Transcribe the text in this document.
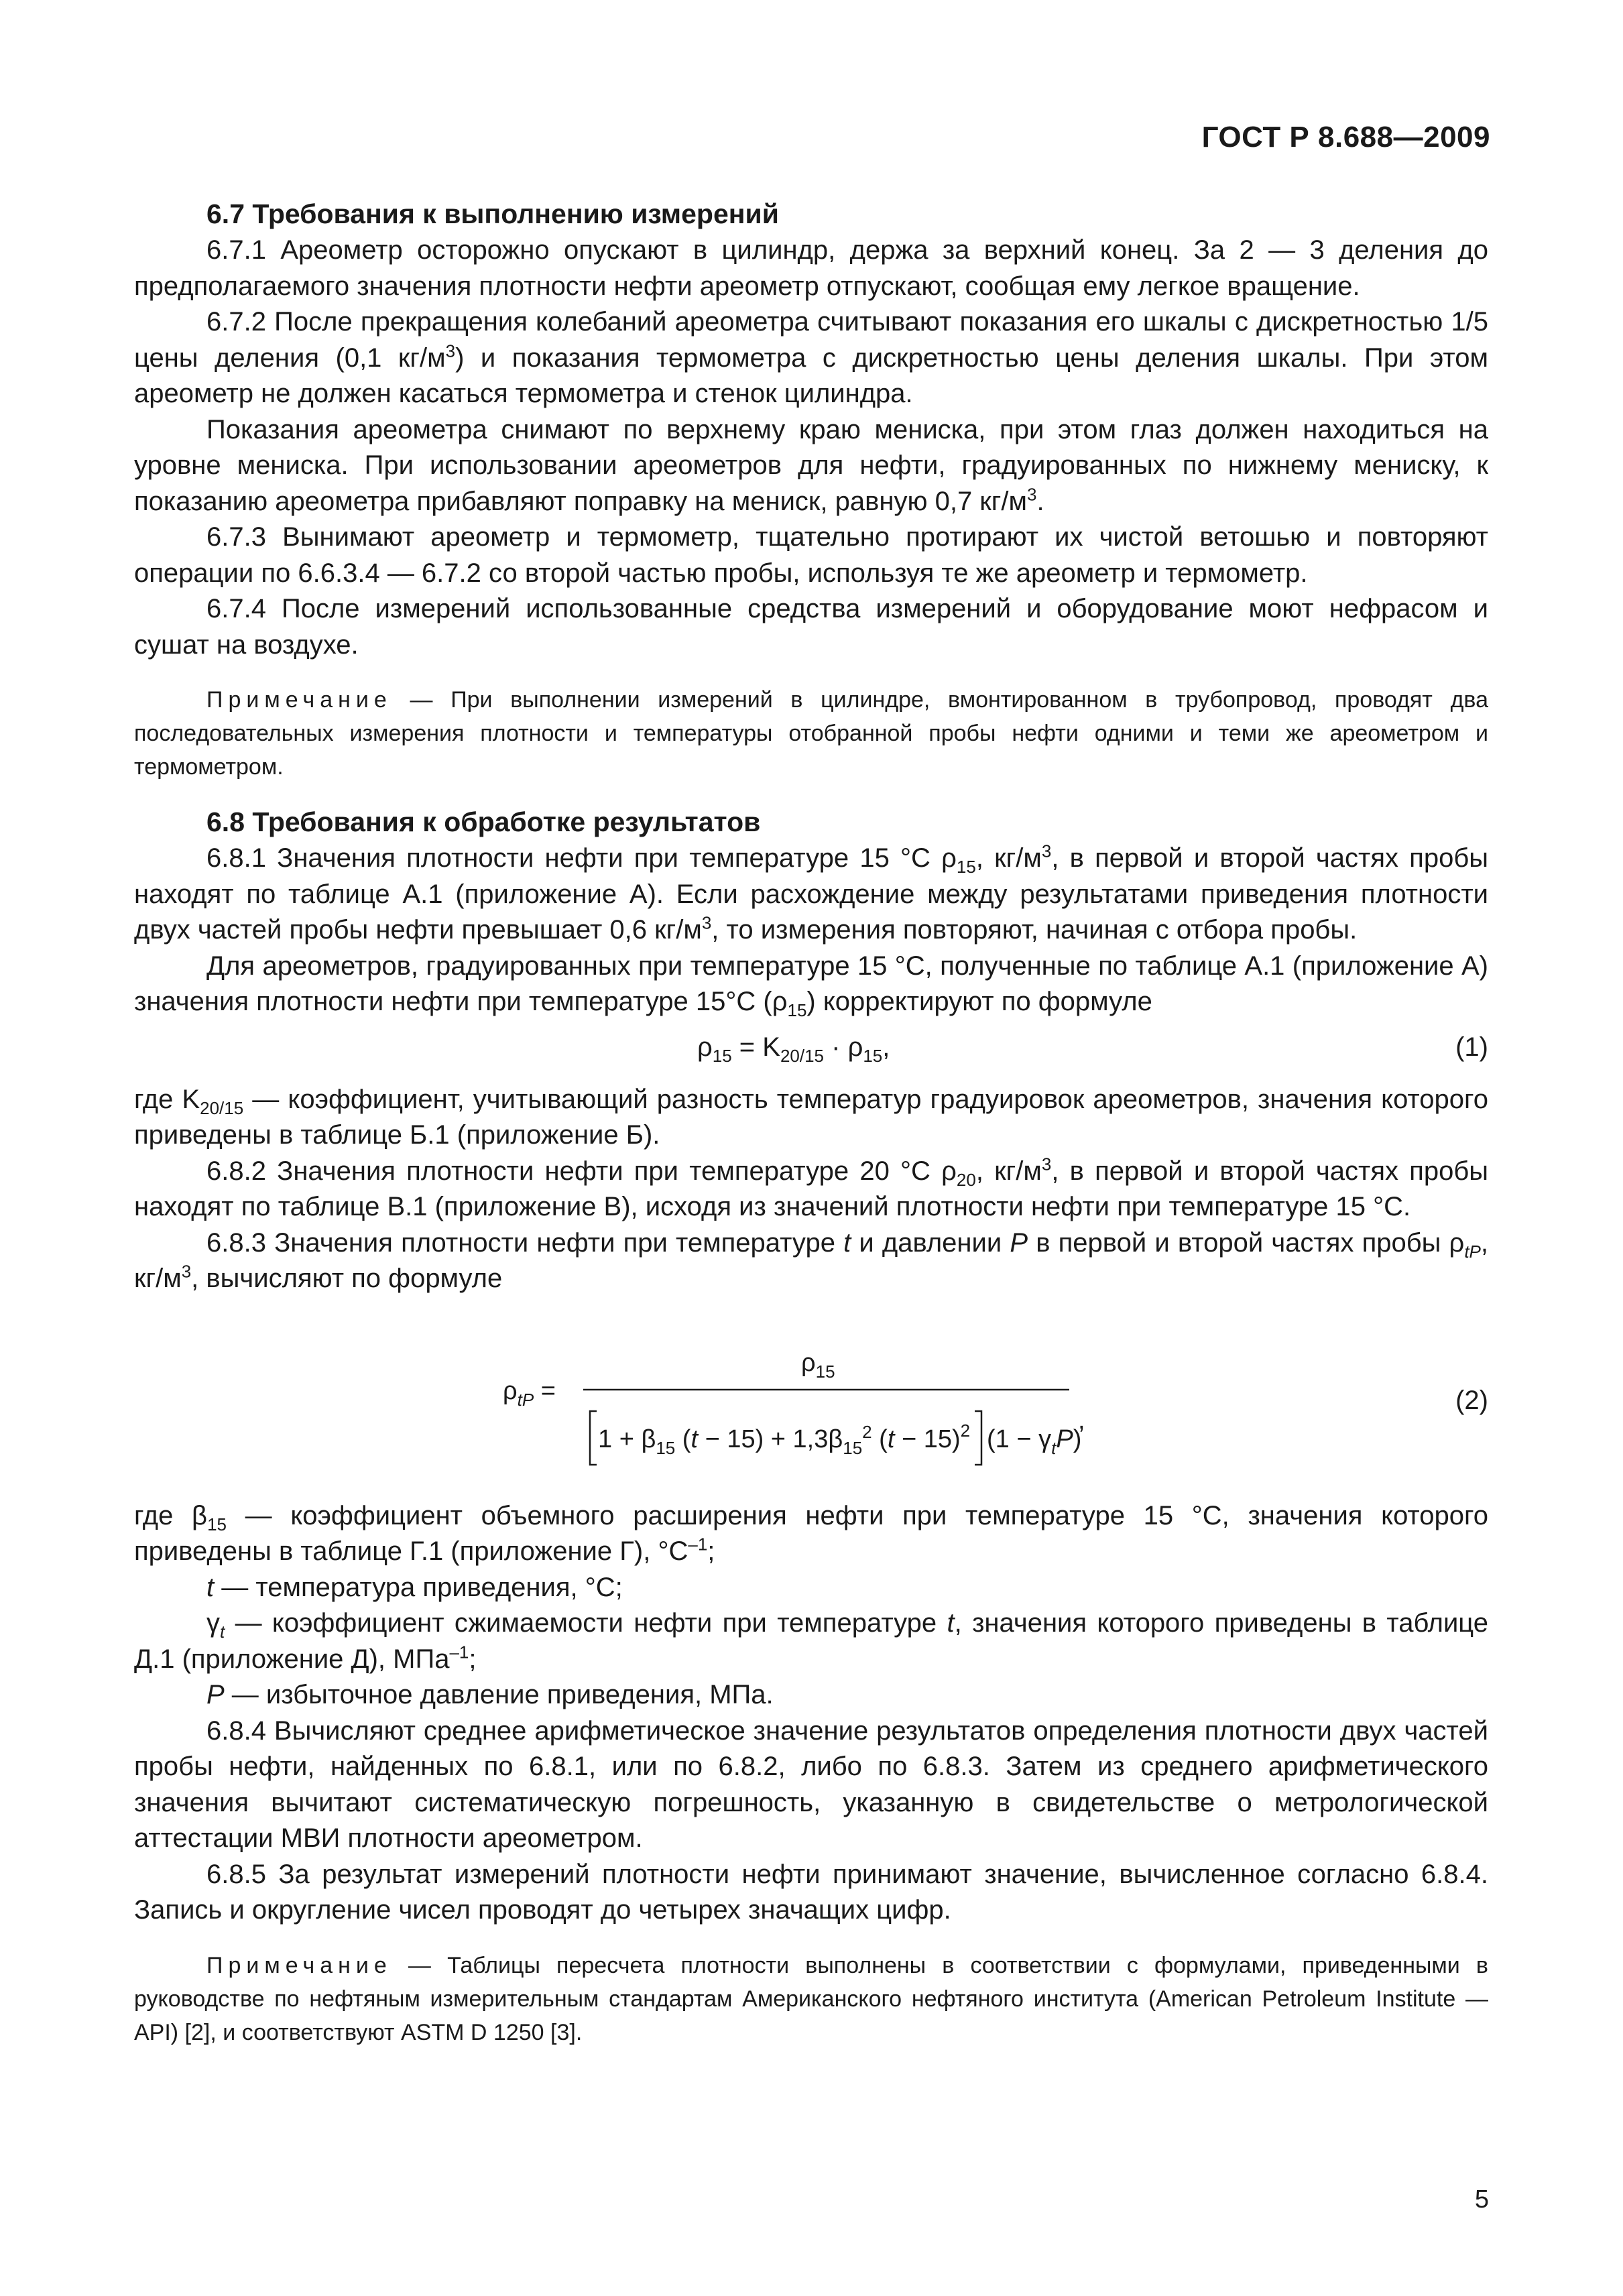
ГОСТ Р 8.688—2009
6.7 Требования к выполнению измерений

6.7.1 Ареометр осторожно опускают в цилиндр, держа за верхний конец. За 2 — 3 деления до предполагаемого значения плотности нефти ареометр отпускают, сообщая ему легкое вращение.

6.7.2 После прекращения колебаний ареометра считывают показания его шкалы с дискретностью 1/5 цены деления (0,1 $кг/м^3$) и показания термометра с дискретностью цены деления шкалы. При этом ареометр не должен касаться термометра и стенок цилиндра.

Показания ареометра снимают по верхнему краю мениска, при этом глаз должен находиться на уровне мениска. При использовании ареометров для нефти, градуированных по нижнему мениску, к показанию ареометра прибавляют поправку на мениск, равную 0,7 $кг/м^3$.

6.7.3 Вынимают ареометр и термометр, тщательно протирают их чистой ветошью и повторяют операции по 6.6.3.4 — 6.7.2 со второй частью пробы, используя те же ареометр и термометр.

6.7.4 После измерений использованные средства измерений и оборудование моют нефрасом и сушат на воздухе.

Примечание — При выполнении измерений в цилиндре, вмонтированном в трубопровод, проводят два последовательных измерения плотности и температуры отобранной пробы нефти одними и теми же ареометром и термометром.

6.8 Требования к обработке результатов

6.8.1 Значения плотности нефти при температуре 15 °С $\rho_{15}$, $кг/м^3$, в первой и второй частях пробы находят по таблице А.1 (приложение А). Если расхождение между результатами приведения плотности двух частей пробы нефти превышает 0,6 $кг/м^3$, то измерения повторяют, начиная с отбора пробы.

Для ареометров, градуированных при температуре 15 °С, полученные по таблице А.1 (приложение А) значения плотности нефти при температуре 15°С $(\rho_{15})$ корректируют по формуле

$\rho_{15} = K_{20/15} \cdot \rho_{15}$,	(1)

где $K_{20/15}$ — коэффициент, учитывающий разность температур градуировок ареометров, значения которого приведены в таблице Б.1 (приложение Б).

6.8.2 Значения плотности нефти при температуре 20 °С $\rho_{20}$, $кг/м^3$, в первой и второй частях пробы находят по таблице В.1 (приложение В), исходя из значений плотности нефти при температуре 15 °С.

6.8.3 Значения плотности нефти при температуре t и давлении P в первой и второй частях пробы $\rho_{tP}$, $кг/м^3$, вычисляют по формуле

$\rho_{tP}$ =
$\rho_{15}$
$1 + \beta_{15}$ $(t - 15) + 1,3\beta_{15}^2$ $(t - 15)^2$ $(1 - \gamma_tP)$
,
(2)

где $\beta_{15}$ — коэффициент объемного расширения нефти при температуре 15 °С, значения которого приведены в таблице Г.1 (приложение Г), $^\circ С^{-1}$;

t — температура приведения, °С;

$\gamma_t$ — коэффициент сжимаемости нефти при температуре t, значения которого приведены в таблице Д.1 (приложение Д), МПа$^{-1}$;

P — избыточное давление приведения, МПа.

6.8.4 Вычисляют среднее арифметическое значение результатов определения плотности двух частей пробы нефти, найденных по 6.8.1, или по 6.8.2, либо по 6.8.3. Затем из среднего арифметического значения вычитают систематическую погрешность, указанную в свидетельстве о метрологической аттестации МВИ плотности ареометром.

6.8.5 За результат измерений плотности нефти принимают значение, вычисленное согласно 6.8.4. Запись и округление чисел проводят до четырех значащих цифр.

Примечание — Таблицы пересчета плотности выполнены в соответствии с формулами, приведенными в руководстве по нефтяным измерительным стандартам Американского нефтяного института (American Petroleum Institute — API) [2], и соответствуют ASTM D 1250 [3].

5
